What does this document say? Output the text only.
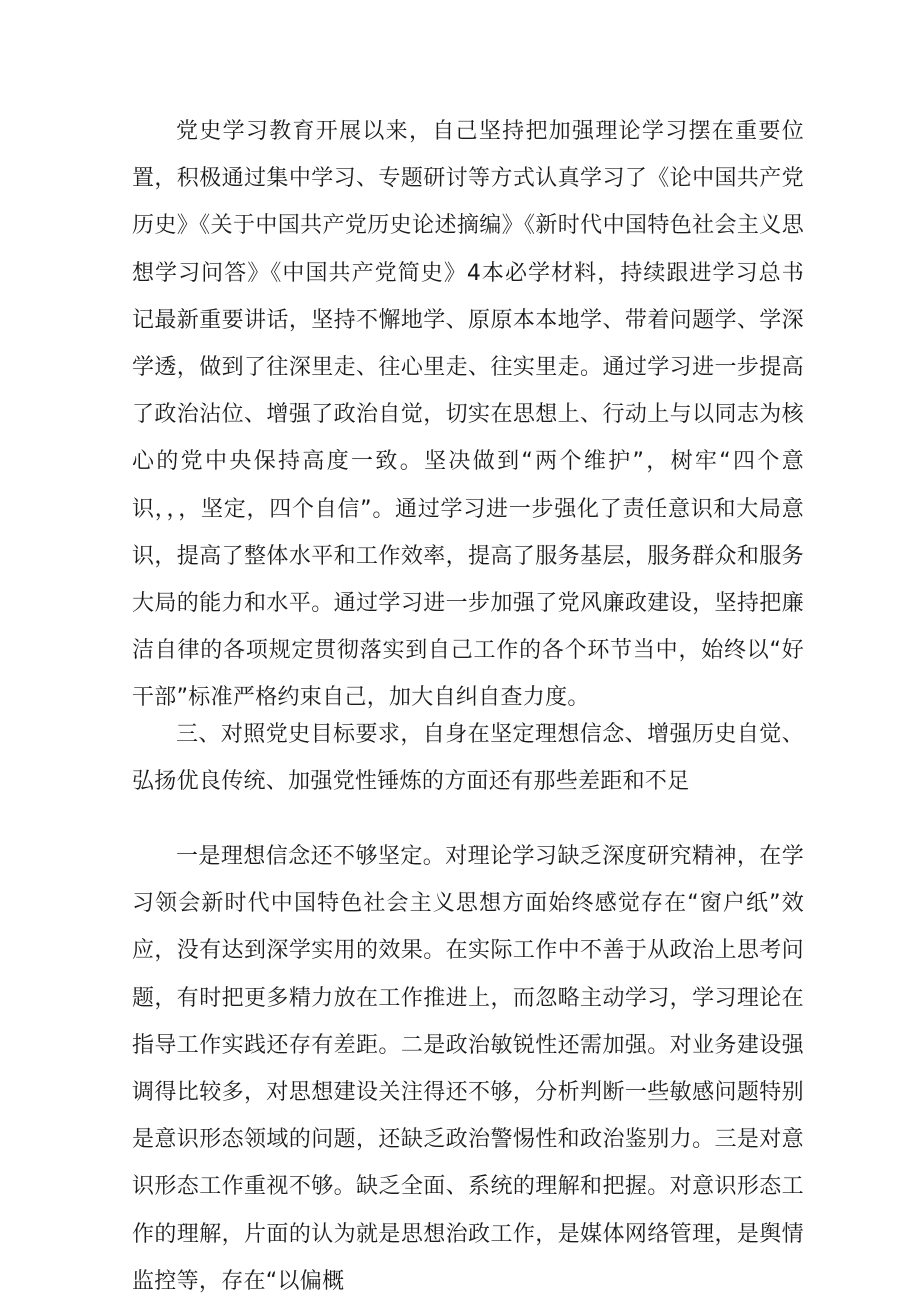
党史学习教育开展以来，自己坚持把加强理论学习摆在重要位置，积极通过集中学习、专题研讨等方式认真学习了《论中国共产党历史》《关于中国共产党历史论述摘编》《新时代中国特色社会主义思想学习问答》《中国共产党简史》4本必学材料，持续跟进学习总书记最新重要讲话，坚持不懈地学、原原本本地学、带着问题学、学深学透，做到了往深里走、往心里走、往实里走。通过学习进一步提高了政治沾位、增强了政治自觉，切实在思想上、行动上与以同志为核心的党中央保持高度一致。坚决做到“两个维护”，树牢“四个意识，，，坚定，四个自信”。通过学习进一步强化了责任意识和大局意识，提高了整体水平和工作效率，提高了服务基层，服务群众和服务大局的能力和水平。通过学习进一步加强了党风廉政建设，坚持把廉洁自律的各项规定贯彻落实到自己工作的各个环节当中，始终以“好干部”标准严格约束自己，加大自纠自查力度。

三、对照党史目标要求，自身在坚定理想信念、增强历史自觉、弘扬优良传统、加强党性锤炼的方面还有那些差距和不足

一是理想信念还不够坚定。对理论学习缺乏深度研究精神，在学习领会新时代中国特色社会主义思想方面始终感觉存在“窗户纸”效应，没有达到深学实用的效果。在实际工作中不善于从政治上思考问题，有时把更多精力放在工作推进上，而忽略主动学习，学习理论在指导工作实践还存有差距。二是政治敏锐性还需加强。对业务建设强调得比较多，对思想建设关注得还不够，分析判断一些敏感问题特别是意识形态领域的问题，还缺乏政治警惕性和政治鉴别力。三是对意识形态工作重视不够。缺乏全面、系统的理解和把握。对意识形态工作的理解，片面的认为就是思想治政工作，是媒体网络管理，是舆情监控等，存在“以偏概
